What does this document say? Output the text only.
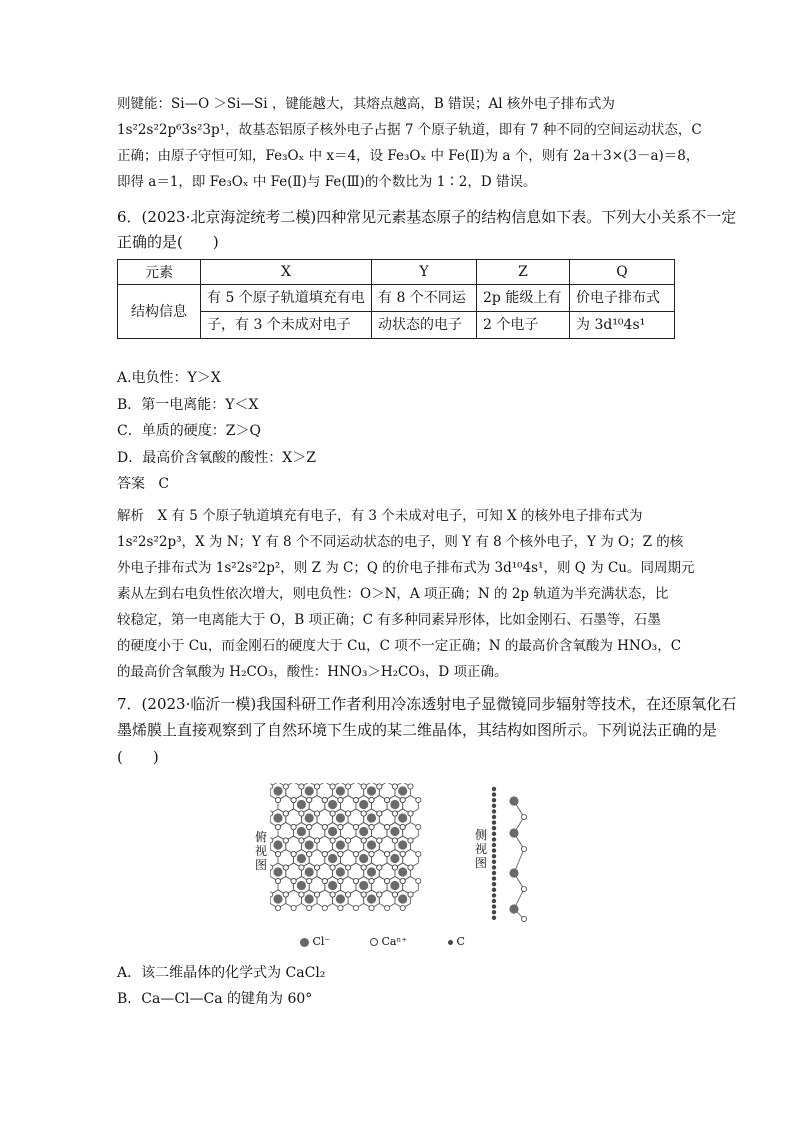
则键能：Si—O ＞Si—Si ，键能越大，其熔点越高，B 错误；Al 核外电子排布式为
1s²2s²2p⁶3s²3p¹，故基态铝原子核外电子占据 7 个原子轨道，即有 7 种不同的空间运动状态，C
正确；由原子守恒可知，Fe₃Oₓ 中 x＝4，设 Fe₃Oₓ 中 Fe(Ⅱ)为 a 个，则有 2a＋3×(3－a)＝8，
即得 a＝1，即 Fe₃Oₓ 中 Fe(Ⅱ)与 Fe(Ⅲ)的个数比为 1∶2，D 错误。
6．(2023·北京海淀统考二模)四种常见元素基态原子的结构信息如下表。下列大小关系不一定
正确的是(　　)
元素	X	Y	Z	Q
结构信息	有 5 个原子轨道填充有电	有 8 个不同运	2p 能级上有	价电子排布式
	子，有 3 个未成对电子	动状态的电子	2 个电子	为 3d¹⁰4s¹
A.电负性：Y＞X
B．第一电离能：Y＜X
C．单质的硬度：Z＞Q
D．最高价含氧酸的酸性：X＞Z
答案 C
解析　X 有 5 个原子轨道填充有电子，有 3 个未成对电子，可知 X 的核外电子排布式为
1s²2s²2p³，X 为 N；Y 有 8 个不同运动状态的电子，则 Y 有 8 个核外电子，Y 为 O；Z 的核
外电子排布式为 1s²2s²2p²，则 Z 为 C；Q 的价电子排布式为 3d¹⁰4s¹，则 Q 为 Cu。同周期元
素从左到右电负性依次增大，则电负性：O＞N，A 项正确；N 的 2p 轨道为半充满状态，比
较稳定，第一电离能大于 O，B 项正确；C 有多种同素异形体，比如金刚石、石墨等，石墨
的硬度小于 Cu，而金刚石的硬度大于 Cu，C 项不一定正确；N 的最高价含氧酸为 HNO₃，C
的最高价含氧酸为 H₂CO₃，酸性：HNO₃＞H₂CO₃，D 项正确。
7．(2023·临沂一模)我国科研工作者利用冷冻透射电子显微镜同步辐射等技术，在还原氧化石
墨烯膜上直接观察到了自然环境下生成的某二维晶体，其结构如图所示。下列说法正确的是
(　　)
俯视图
侧视图
Cl⁻	Caⁿ⁺	C
A．该二维晶体的化学式为 CaCl₂
B．Ca—Cl—Ca 的键角为 60°
